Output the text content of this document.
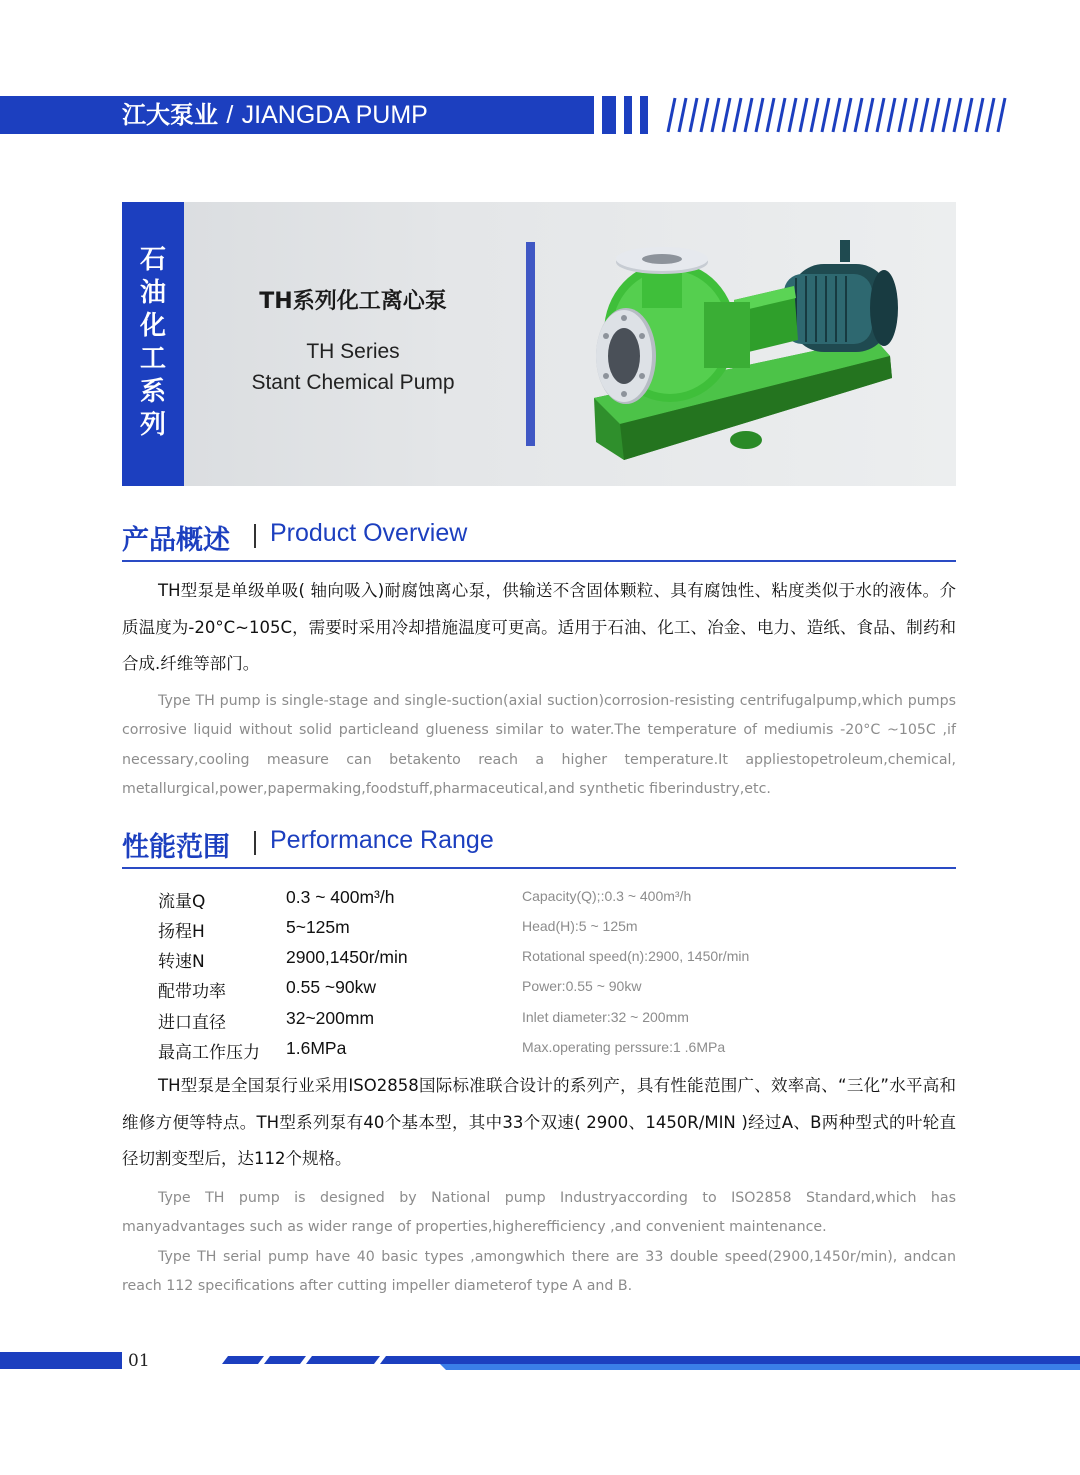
江大泵业 / JIANGDA PUMP
石
油
化
工
系
列
TH系列化工离心泵
TH Series
Stant Chemical Pump
产品概述 Product Overview

TH型泵是单级单吸( 轴向吸入)耐腐蚀离心泵，供输送不含固体颗粒、具有腐蚀性、粘度类似于水的液体。介质温度为-20°C~105C，需要时采用冷却措施温度可更高。适用于石油、化工、冶金、电力、造纸、食品、制药和合成.纤维等部门。

Type TH pump is single-stage and single-suction(axial suction)corrosion-resisting centrifugalpump,which pumps corrosive liquid without solid particleand glueness similar to water.The temperature of mediumis -20°C ~105C ,if necessary,cooling measure can betakento reach a higher temperature.It appliestopetroleum,chemical, metallurgical,power,papermaking,foodstuff,pharmaceutical,and synthetic fiberindustry,etc.

性能范围 Performance Range
流量Q	0.3 ~ 400m³/h	Capacity(Q);:0.3 ~ 400m³/h
扬程H	5~125m	Head(H):5 ~ 125m
转速N	2900,1450r/min	Rotational speed(n):2900, 1450r/min
配带功率	0.55 ~90kw	Power:0.55 ~ 90kw
进口直径	32~200mm	Inlet diameter:32 ~ 200mm
最高工作压力 1.6MPa	Max.operating perssure:1 .6MPa

TH型泵是全国泵行业采用ISO2858国际标准联合设计的系列产，具有性能范围广、效率高、“三化”水平高和维修方便等特点。TH型系列泵有40个基本型，其中33个双速( 2900、1450R/MIN )经过A、B两种型式的叶轮直径切割变型后，达112个规格。

Type TH pump is designed by National pump Industryaccording to ISO2858 Standard,which has manyadvantages such as wider range of properties,higherefficiency ,and convenient maintenance.

Type TH serial pump have 40 basic types ,amongwhich there are 33 double speed(2900,1450r/min), andcan reach 112 specifications after cutting impeller diameterof type A and B.

01
